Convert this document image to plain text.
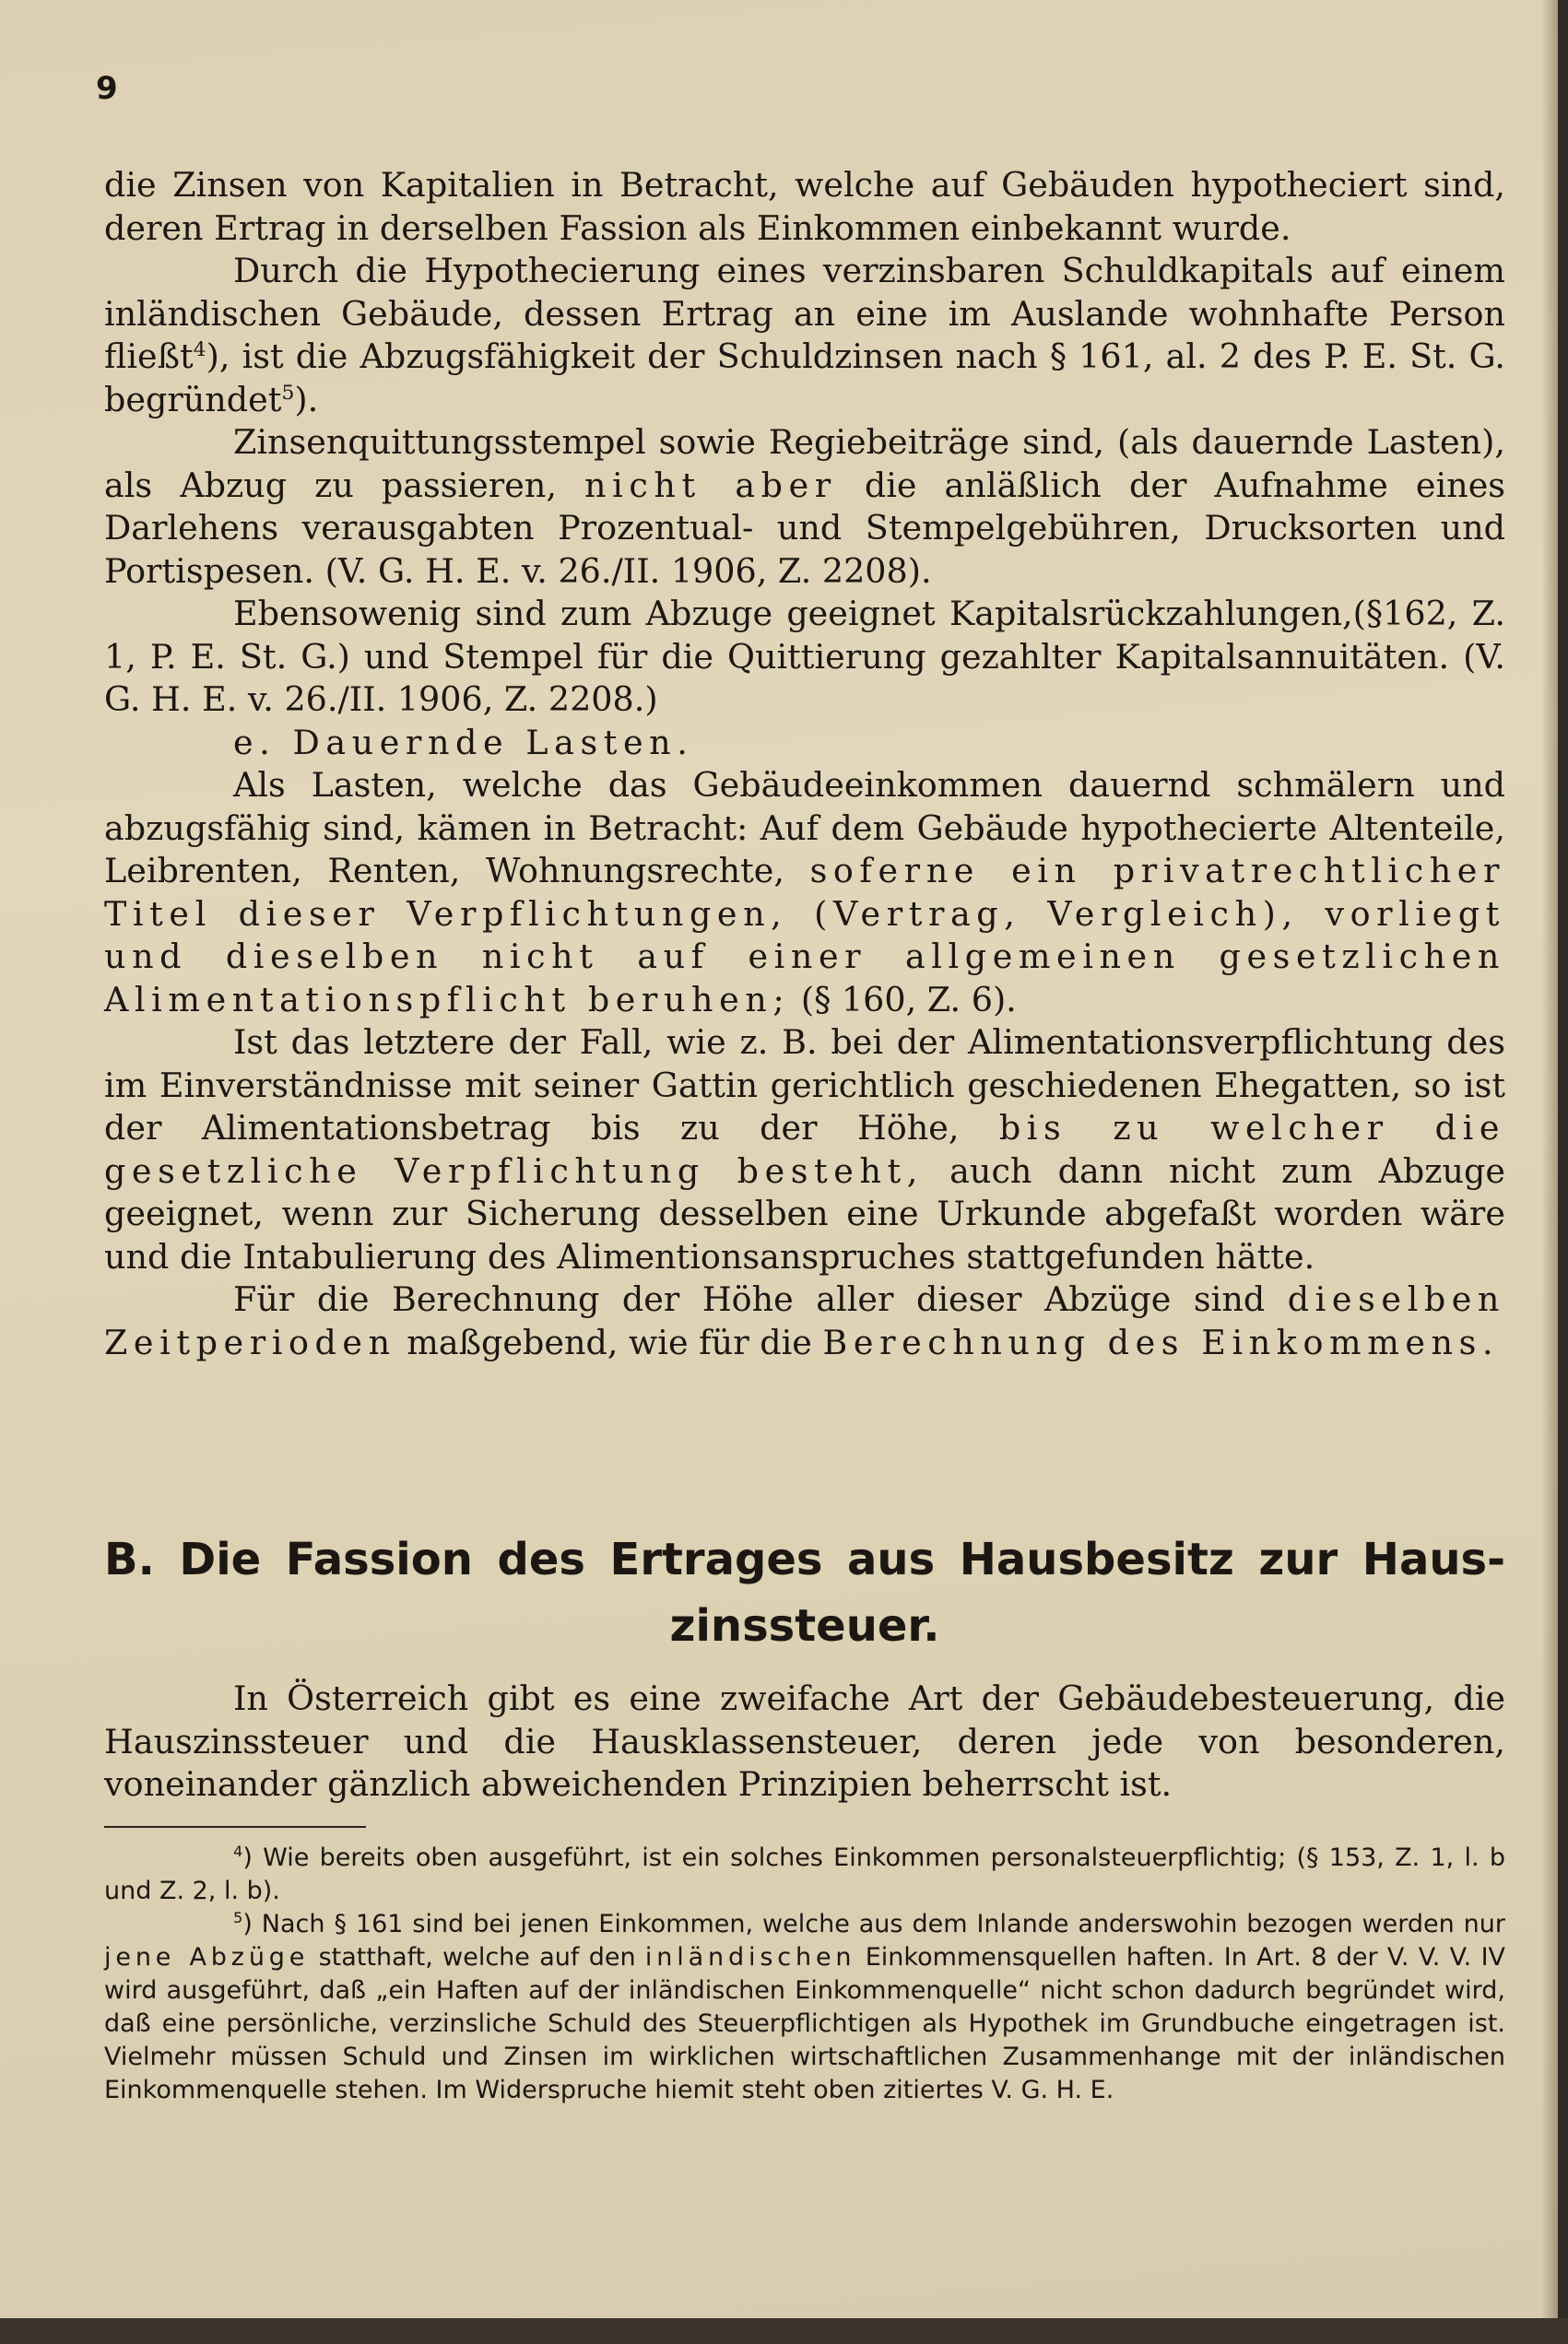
9

die Zinsen von Kapitalien in Betracht, welche auf Gebäuden hypotheciert sind, deren Ertrag in derselben Fassion als Einkommen einbekannt wurde.

Durch die Hypothecierung eines verzinsbaren Schuldkapitals auf einem inländischen Gebäude, dessen Ertrag an eine im Auslande wohnhafte Person fließt$^4$), ist die Abzugsfähigkeit der Schuldzinsen nach § 161, al. 2 des P. E. St. G. begründet$^5$).

Zinsenquittungsstempel sowie Regiebeiträge sind, (als dauernde Lasten), als Abzug zu passieren, nicht aber die anläßlich der Aufnahme eines Darlehens verausgabten Prozentual- und Stempelgebühren, Drucksorten und Portispesen. (V. G. H. E. v. 26./II. 1906, Z. 2208).

Ebensowenig sind zum Abzuge geeignet Kapitalsrückzahlungen,(§162, Z. 1, P. E. St. G.) und Stempel für die Quittierung gezahlter Kapitalsannuitäten. (V. G. H. E. v. 26./II. 1906, Z. 2208.)

e. Dauernde Lasten.

Als Lasten, welche das Gebäudeeinkommen dauernd schmälern und abzugsfähig sind, kämen in Betracht: Auf dem Gebäude hypothecierte Altenteile, Leibrenten, Renten, Wohnungsrechte, soferne ein privatrechtlicher Titel dieser Verpflichtungen, (Vertrag, Vergleich), vorliegt und dieselben nicht auf einer allgemeinen gesetzlichen Alimentationspflicht beruhen; (§ 160, Z. 6).

Ist das letztere der Fall, wie z. B. bei der Alimentationsverpflichtung des im Einverständnisse mit seiner Gattin gerichtlich geschiedenen Ehegatten, so ist der Alimentationsbetrag bis zu der Höhe, bis zu welcher die gesetzliche Verpflichtung besteht, auch dann nicht zum Abzuge geeignet, wenn zur Sicherung desselben eine Urkunde abgefaßt worden wäre und die Intabulierung des Alimentionsanspruches stattgefunden hätte.

Für die Berechnung der Höhe aller dieser Abzüge sind dieselben Zeitperioden maßgebend, wie für die Berechnung des Einkommens.

B. Die Fassion des Ertrages aus Hausbesitz zur Haus-
zinssteuer.

In Österreich gibt es eine zweifache Art der Gebäudebesteuerung, die Hauszinssteuer und die Hausklassensteuer, deren jede von besonderen, voneinander gänzlich abweichenden Prinzipien beherrscht ist.

$^4$) Wie bereits oben ausgeführt, ist ein solches Einkommen personalsteuerpflichtig; (§ 153, Z. 1, l. b und Z. 2, l. b).

$^5$) Nach § 161 sind bei jenen Einkommen, welche aus dem Inlande anderswohin bezogen werden nur jene Abzüge statthaft, welche auf den inländischen Einkommensquellen haften. In Art. 8 der V. V. V. IV wird ausgeführt, daß „ein Haften auf der inländischen Einkommenquelle“ nicht schon dadurch begründet wird, daß eine persönliche, verzinsliche Schuld des Steuerpflichtigen als Hypothek im Grundbuche eingetragen ist. Vielmehr müssen Schuld und Zinsen im wirklichen wirtschaftlichen Zusammenhange mit der inländischen Einkommenquelle stehen. Im Widerspruche hiemit steht oben zitiertes V. G. H. E.
